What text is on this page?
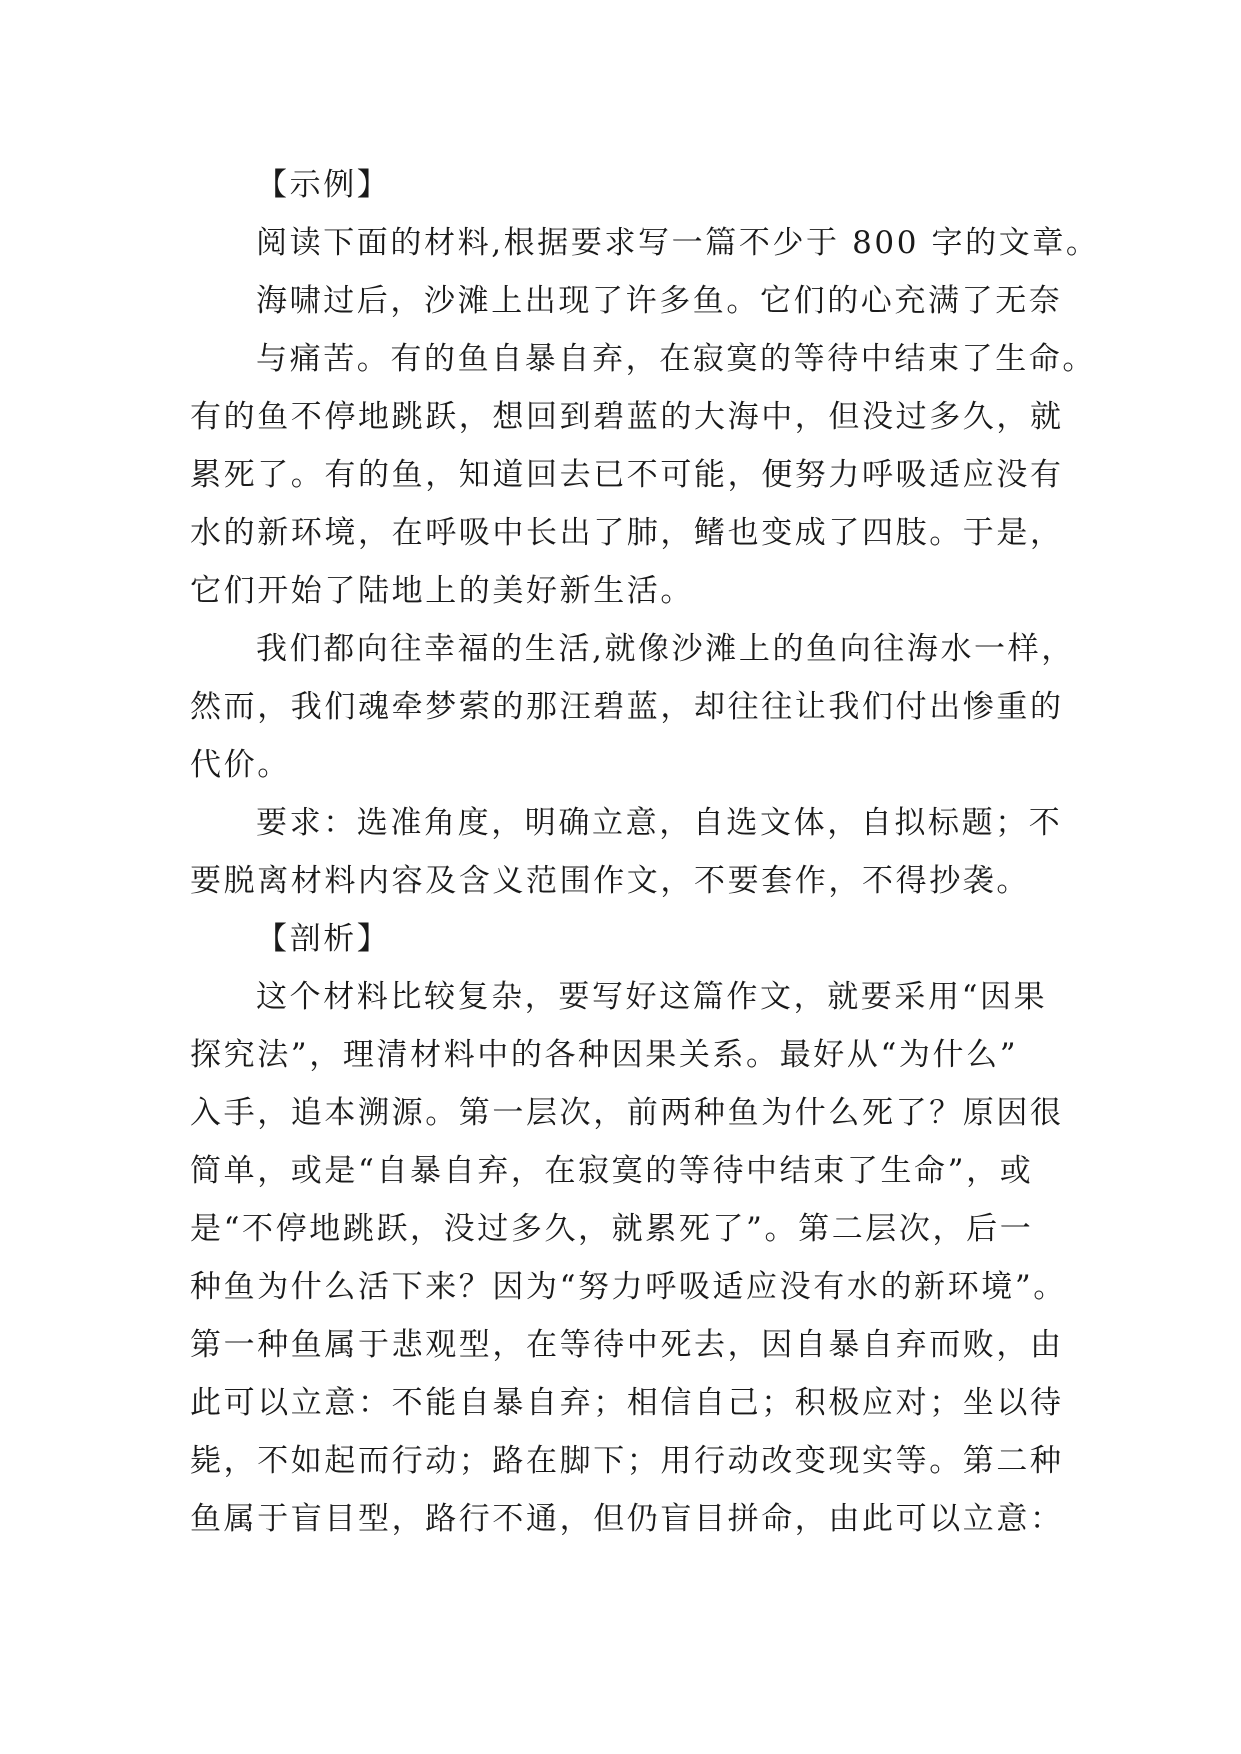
【示例】
阅读下面的材料,根据要求写一篇不少于 800 字的文章。
海啸过后，沙滩上出现了许多鱼。它们的心充满了无奈
与痛苦。有的鱼自暴自弃，在寂寞的等待中结束了生命。
有的鱼不停地跳跃，想回到碧蓝的大海中，但没过多久，就
累死了。有的鱼，知道回去已不可能，便努力呼吸适应没有
水的新环境，在呼吸中长出了肺，鳍也变成了四肢。于是，
它们开始了陆地上的美好新生活。
我们都向往幸福的生活,就像沙滩上的鱼向往海水一样，
然而，我们魂牵梦萦的那汪碧蓝，却往往让我们付出惨重的
代价。
要求：选准角度，明确立意，自选文体，自拟标题；不
要脱离材料内容及含义范围作文，不要套作，不得抄袭。
【剖析】
这个材料比较复杂，要写好这篇作文，就要采用“因果
探究法”，理清材料中的各种因果关系。最好从“为什么”
入手，追本溯源。第一层次，前两种鱼为什么死了？原因很
简单，或是“自暴自弃，在寂寞的等待中结束了生命”，或
是“不停地跳跃，没过多久，就累死了”。第二层次，后一
种鱼为什么活下来？因为“努力呼吸适应没有水的新环境”。
第一种鱼属于悲观型，在等待中死去，因自暴自弃而败，由
此可以立意：不能自暴自弃；相信自己；积极应对；坐以待
毙，不如起而行动；路在脚下；用行动改变现实等。第二种
鱼属于盲目型，路行不通，但仍盲目拼命，由此可以立意：
